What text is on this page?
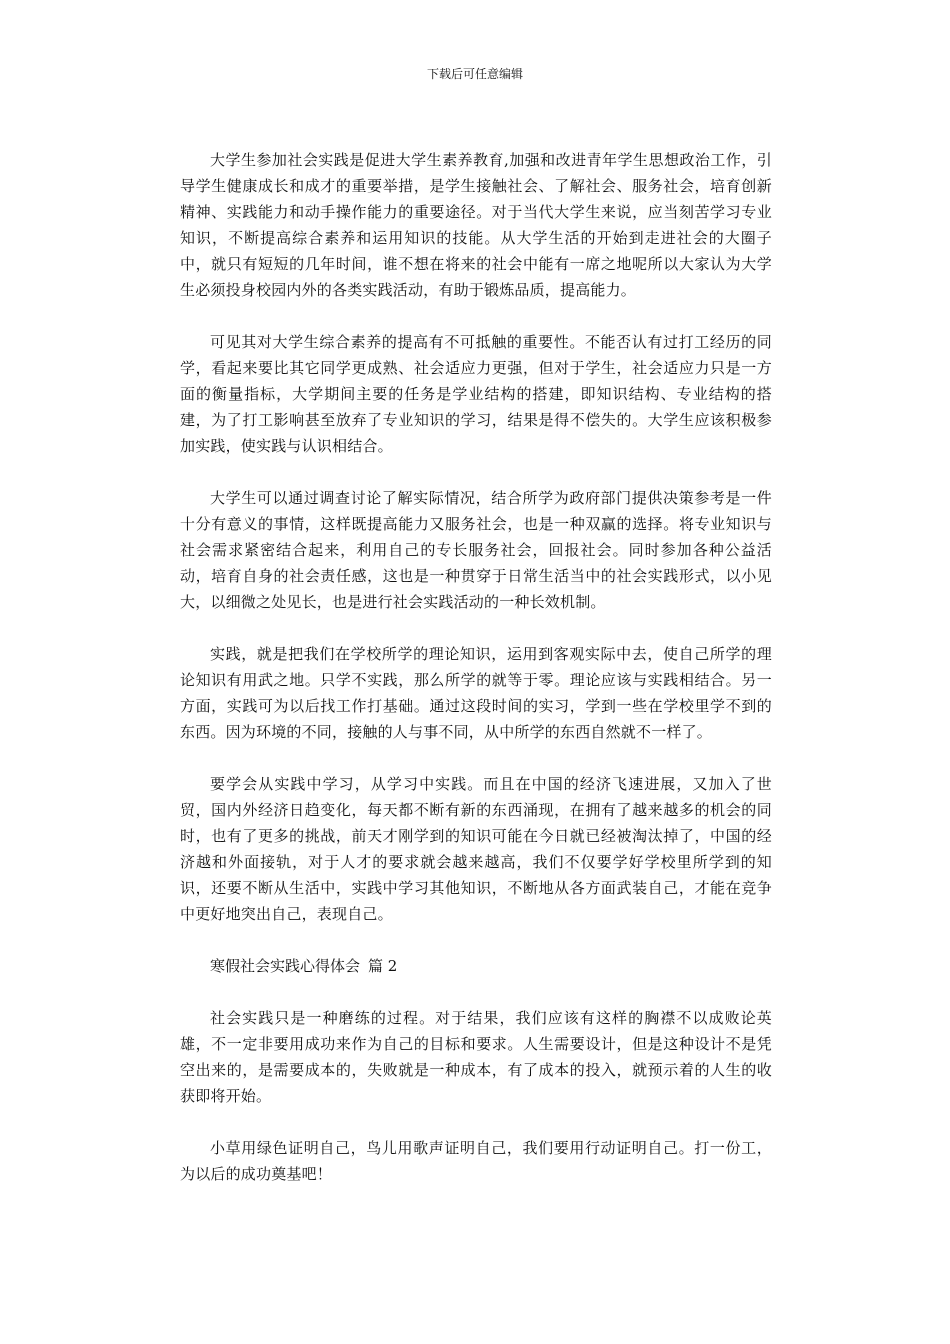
下载后可任意编辑

大学生参加社会实践是促进大学生素养教育,加强和改进青年学生思想政治工作，引导学生健康成长和成才的重要举措，是学生接触社会、了解社会、服务社会，培育创新精神、实践能力和动手操作能力的重要途径。对于当代大学生来说，应当刻苦学习专业知识，不断提高综合素养和运用知识的技能。从大学生活的开始到走进社会的大圈子中，就只有短短的几年时间，谁不想在将来的社会中能有一席之地呢所以大家认为大学生必须投身校园内外的各类实践活动，有助于锻炼品质，提高能力。

可见其对大学生综合素养的提高有不可抵触的重要性。不能否认有过打工经历的同学，看起来要比其它同学更成熟、社会适应力更强，但对于学生，社会适应力只是一方面的衡量指标，大学期间主要的任务是学业结构的搭建，即知识结构、专业结构的搭建，为了打工影响甚至放弃了专业知识的学习，结果是得不偿失的。大学生应该积极参加实践，使实践与认识相结合。

大学生可以通过调查讨论了解实际情况，结合所学为政府部门提供决策参考是一件十分有意义的事情，这样既提高能力又服务社会，也是一种双赢的选择。将专业知识与社会需求紧密结合起来，利用自己的专长服务社会，回报社会。同时参加各种公益活动，培育自身的社会责任感，这也是一种贯穿于日常生活当中的社会实践形式，以小见大，以细微之处见长，也是进行社会实践活动的一种长效机制。

实践，就是把我们在学校所学的理论知识，运用到客观实际中去，使自己所学的理论知识有用武之地。只学不实践，那么所学的就等于零。理论应该与实践相结合。另一方面，实践可为以后找工作打基础。通过这段时间的实习，学到一些在学校里学不到的东西。因为环境的不同，接触的人与事不同，从中所学的东西自然就不一样了。

要学会从实践中学习，从学习中实践。而且在中国的经济飞速进展，又加入了世贸，国内外经济日趋变化，每天都不断有新的东西涌现，在拥有了越来越多的机会的同时，也有了更多的挑战，前天才刚学到的知识可能在今日就已经被淘汰掉了，中国的经济越和外面接轨，对于人才的要求就会越来越高，我们不仅要学好学校里所学到的知识，还要不断从生活中，实践中学习其他知识，不断地从各方面武装自己，才能在竞争中更好地突出自己，表现自己。

寒假社会实践心得体会 篇 2

社会实践只是一种磨练的过程。对于结果，我们应该有这样的胸襟不以成败论英雄，不一定非要用成功来作为自己的目标和要求。人生需要设计，但是这种设计不是凭空出来的，是需要成本的，失败就是一种成本，有了成本的投入，就预示着的人生的收获即将开始。

小草用绿色证明自己，鸟儿用歌声证明自己，我们要用行动证明自己。打一份工，为以后的成功奠基吧！
